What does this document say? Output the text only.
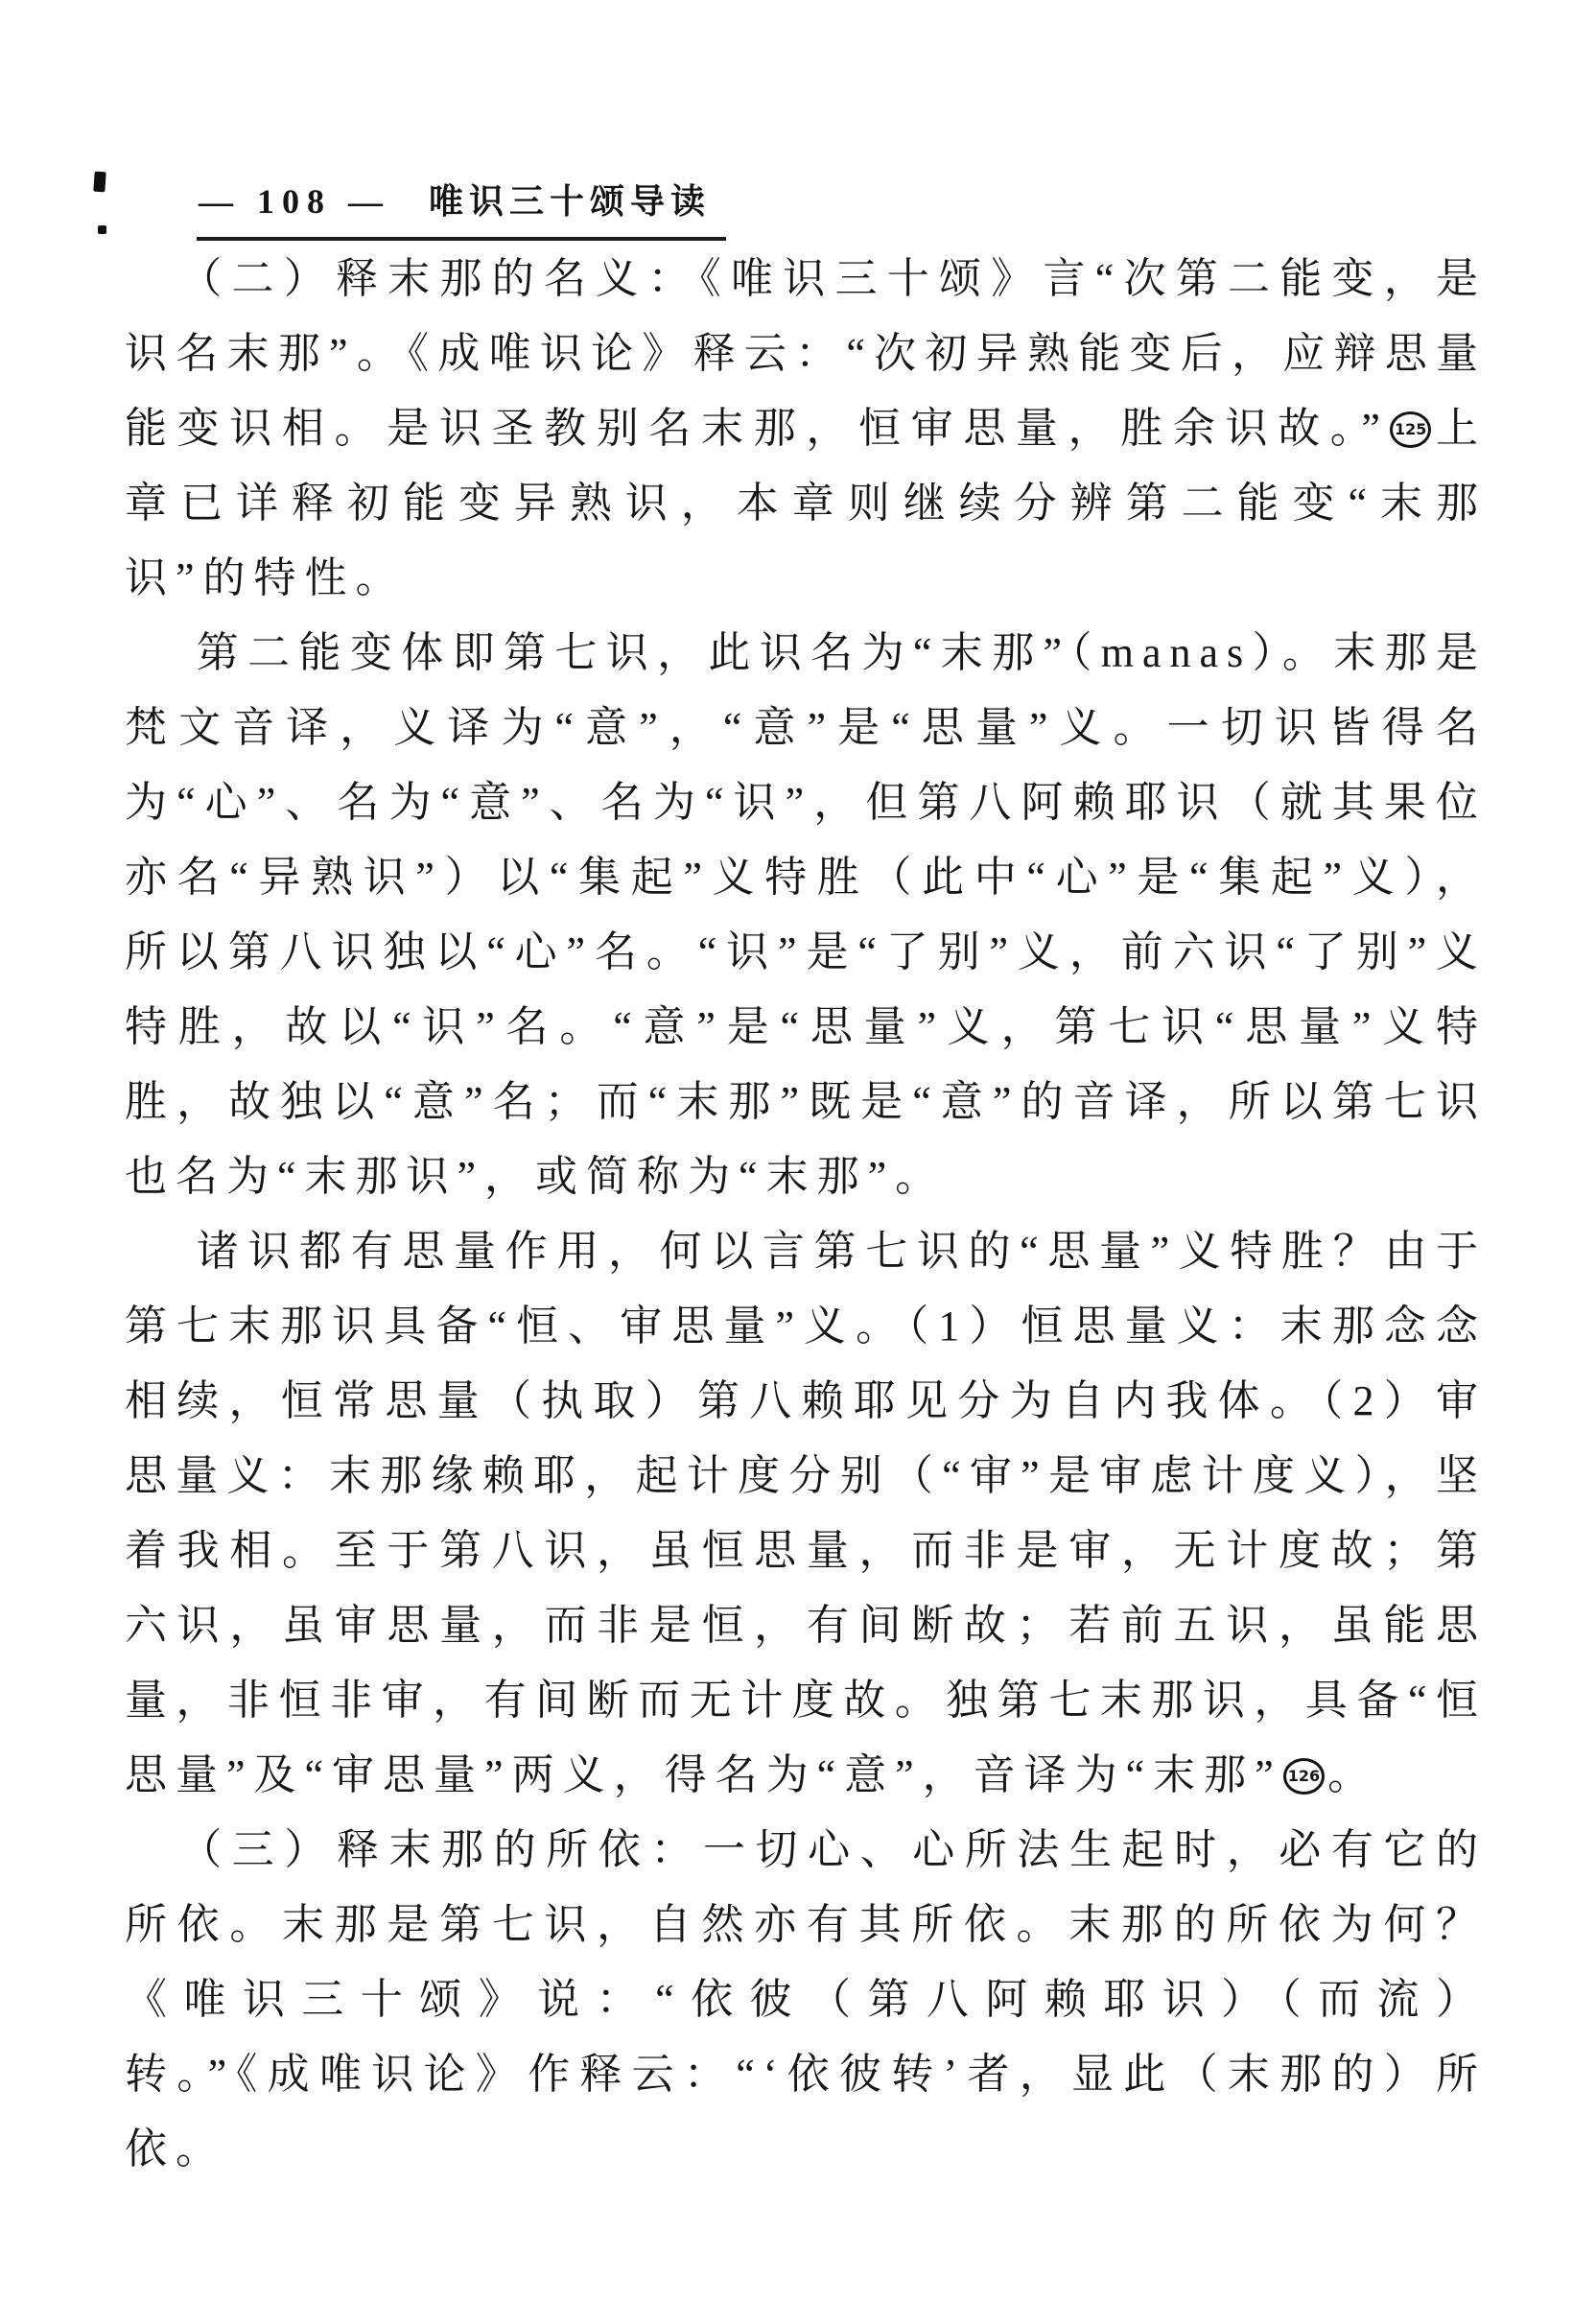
— 108 — 唯识三十颂导读

（二）释末那的名义：《唯识三十颂》言“次第二能变，是识名末那”。《成唯识论》释云：“次初异熟能变后，应辩思量能变识相。是识圣教别名末那，恒审思量，胜余识故。” 125 上章已详释初能变异熟识，本章则继续分辨第二能变“末那识”的特性。

第二能变体即第七识，此识名为“末那”（manas）。末那是梵文音译，义译为“意”，“意”是“思量”义。一切识皆得名为“心”、名为“意”、名为“识”，但第八阿赖耶识（就其果位亦名“异熟识”）以“集起”义特胜（此中“心”是“集起”义），所以第八识独以“心”名。“识”是“了别”义，前六识“了别”义特胜，故以“识”名。“意”是“思量”义，第七识“思量”义特胜，故独以“意”名；而“末那”既是“意”的音译，所以第七识也名为“末那识”，或简称为“末那”。

诸识都有思量作用，何以言第七识的“思量”义特胜？由于第七末那识具备“恒、审思量”义。（1）恒思量义：末那念念相续，恒常思量（执取）第八赖耶见分为自内我体。（2）审思量义：末那缘赖耶，起计度分别（“审”是审虑计度义），坚着我相。至于第八识，虽恒思量，而非是审，无计度故；第六识，虽审思量，而非是恒，有间断故；若前五识，虽能思量，非恒非审，有间断而无计度故。独第七末那识，具备“恒思量”及“审思量”两义，得名为“意”，音译为“末那” 126 。

（三）释末那的所依：一切心、心所法生起时，必有它的所依。末那是第七识，自然亦有其所依。末那的所依为何？《唯识三十颂》说：“依彼（第八阿赖耶识）（而流）转。”《成唯识论》作释云：“‘依彼转’者，显此（末那的）所依。
